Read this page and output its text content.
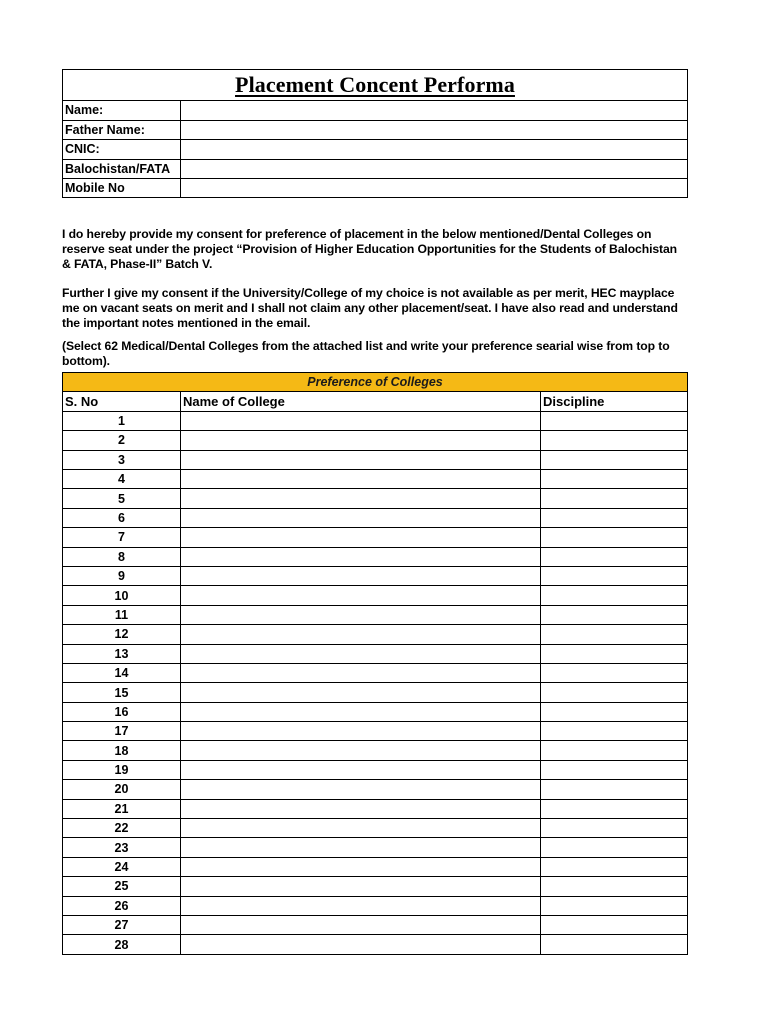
Placement Concent Performa
Name:	
Father Name:	
CNIC:	
Balochistan/FATA	
Mobile No	

I do hereby provide my consent for preference of placement in the below mentioned/Dental Colleges on reserve seat under the project “Provision of Higher Education Opportunities for the Students of Balochistan & FATA, Phase-II” Batch V.

Further I give my consent if the University/College of my choice is not available as per merit, HEC mayplace me on vacant seats on merit and I shall not claim any other placement/seat. I have also read and understand the important notes mentioned in the email.

(Select 62 Medical/Dental Colleges from the attached list and write your preference searial wise from top to bottom).

Preference of Colleges		
S. No	Name of College	Discipline
1		
2		
3		
4		
5		
6		
7		
8		
9		
10		
11		
12		
13		
14		
15		
16		
17		
18		
19		
20		
21		
22		
23		
24		
25		
26		
27		
28		
